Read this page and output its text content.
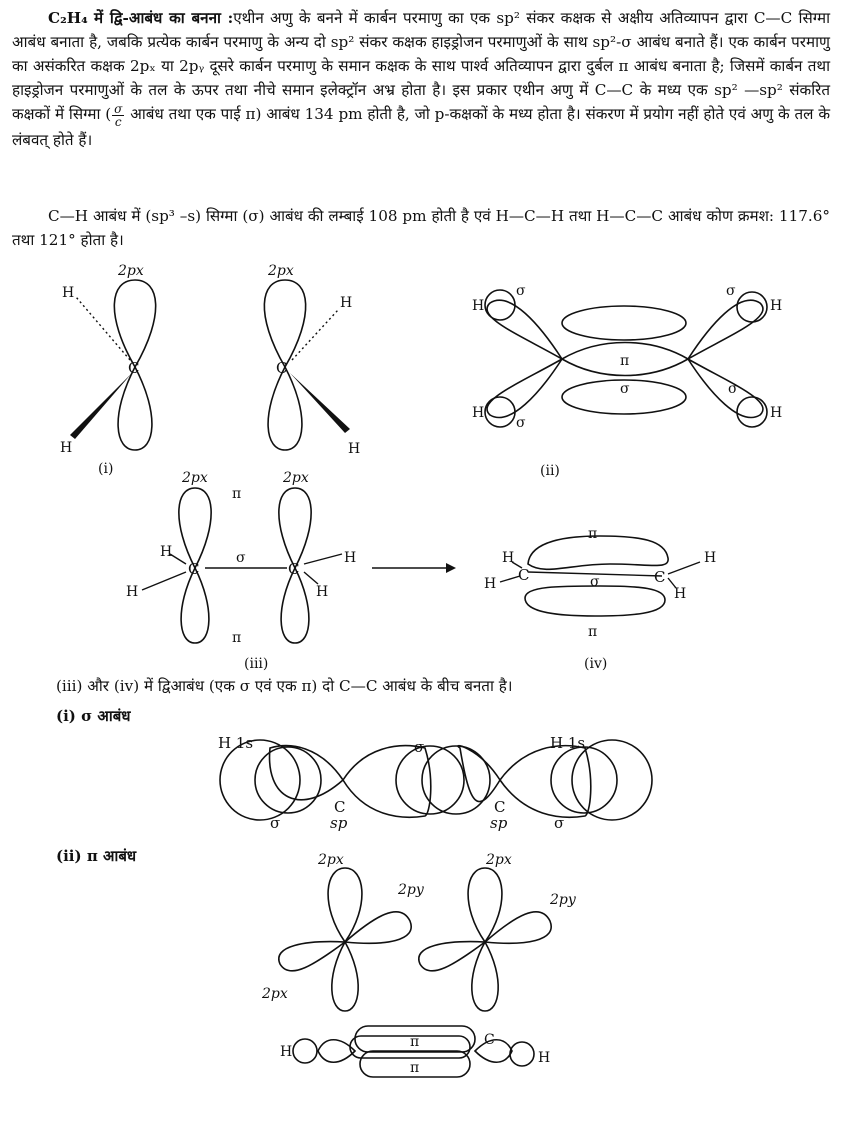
C₂H₄ में द्वि-आबंध का बनना :एथीन अणु के बनने में कार्बन परमाणु का एक sp² संकर कक्षक से अक्षीय अतिव्यापन द्वारा C—C सिग्मा आबंध बनाता है, जबकि प्रत्येक कार्बन परमाणु के अन्य दो sp² संकर कक्षक हाइड्रोजन परमाणुओं के साथ sp²-σ आबंध बनाते हैं। एक कार्बन परमाणु का असंकरित कक्षक 2pₓ या 2pᵧ दूसरे कार्बन परमाणु के समान कक्षक के साथ पार्श्व अतिव्यापन द्वारा दुर्बल π आबंध बनाता है; जिसमें कार्बन तथा हाइड्रोजन परमाणुओं के तल के ऊपर तथा नीचे समान इलेक्ट्रॉन अभ्र होता है। इस प्रकार एथीन अणु में C—C के मध्य एक sp² —sp² संकरित कक्षकों में सिग्मा ( $\frac{\sigma}{c}$ आबंध तथा एक पाई π) आबंध 134 pm होती है, जो p-कक्षकों के मध्य होता है। संकरण में प्रयोग नहीं होते एवं अणु के तल के लंबवत् होते हैं।
C—H आबंध में (sp³ –s) सिग्मा (σ) आबंध की लम्बाई 108 pm होती है एवं H—C—H तथा H—C—C आबंध कोण क्रमश: 117.6° तथा 121° होता है।
2px
H
C
H
2px
H
C
H
(i)
H
σ
H
σ
π
σ
σ
H
σ
H
(ii)
2px	2px
π
H
C
σ
C
H
H	H
π
(iii)
π
H
C	σ	C
H
H
H
π
(iv)
(iii) और (iv) में द्विआबंध (एक σ एवं एक π) दो C—C आबंध के बीच बनता है।
(i) σ आबंध
H 1s	H 1s
σ
C
sp
C
sp
σ	σ
(ii) π आबंध	2px
2py
2px
2px
2py
H
π
π
C
H
